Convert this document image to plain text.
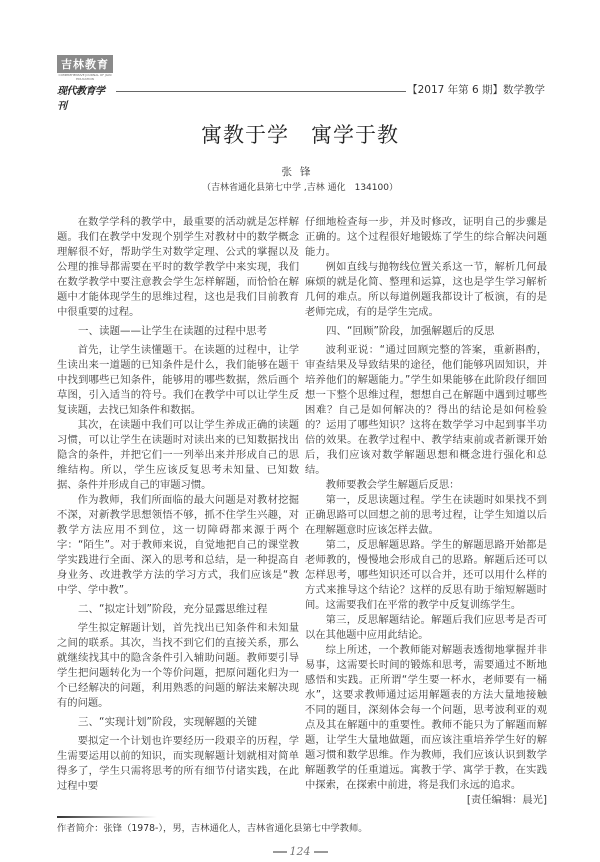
吉林教育
COMPREHENSIVE JOURNAL OF JILIN EDUCATION
现代教育学刊
【2017 年第 6 期】数学教学
寓教于学　寓学于教
张锋
（吉林省通化县第七中学 ,吉林 通化　134100）

在数学学科的教学中，最重要的活动就是怎样解题。我们在教学中发现个别学生对教材中的数学概念理解很不好，帮助学生对数学定理、公式的掌握以及公理的推导都需要在平时的数学教学中来实现，我们在数学教学中要注意教会学生怎样解题，而恰恰在解题中才能体现学生的思维过程，这也是我们目前教育中很重要的过程。

一、读题——让学生在读题的过程中思考

首先，让学生读懂题干。在读题的过程中，让学生读出来一道题的已知条件是什么，我们能够在题干中找到哪些已知条件，能够用的哪些数据，然后画个草图，引入适当的符号。我们在教学中可以让学生反复读题，去找已知条件和数据。

其次，在读题中我们可以让学生养成正确的读题习惯，可以让学生在读题时对读出来的已知数据找出隐含的条件，并把它们一一列举出来并形成自己的思维结构。所以，学生应该反复思考未知量、已知数据、条件并形成自己的审题习惯。

作为教师，我们所面临的最大问题是对教材挖掘不深，对新教学思想领悟不够，抓不住学生兴趣，对教学方法应用不到位，这一切障碍都来源于两个字：“陌生”。对于教师来说，自觉地把自己的课堂教学实践进行全面、深入的思考和总结，是一种提高自身业务、改进教学方法的学习方式，我们应该是“教中学、学中教”。

二、“拟定计划”阶段，充分显露思维过程

学生拟定解题计划，首先找出已知条件和未知量之间的联系。其次，当找不到它们的直接关系，那么就继续找其中的隐含条件引入辅助问题。教师要引导学生把问题转化为一个等价问题，把原问题化归为一个已经解决的问题，利用熟悉的问题的解法来解决现有的问题。

三、“实现计划”阶段，实现解题的关键

要拟定一个计划也许要经历一段艰辛的历程，学生需要运用以前的知识，而实现解题计划就相对简单得多了，学生只需将思考的所有细节付诸实践，在此过程中要

仔细地检查每一步，并及时修改，证明自己的步骤是正确的。这个过程很好地锻炼了学生的综合解决问题能力。

例如直线与抛物线位置关系这一节，解析几何最麻烦的就是化简、整理和运算，这也是学生学习解析几何的难点。所以每道例题我都设计了板演，有的是老师完成，有的是学生完成。

四、“回顾”阶段，加强解题后的反思

波利亚说：“通过回顾完整的答案，重新斟酌，审查结果及导致结果的途径，他们能够巩固知识，并培养他们的解题能力。”学生如果能够在此阶段仔细回想一下整个思维过程，想想自己在解题中遇到过哪些困难？自己是如何解决的？得出的结论是如何检验的？运用了哪些知识？这将在数学学习中起到事半功倍的效果。在教学过程中、教学结束前或者新课开始后，我们应该对数学解题思想和概念进行强化和总结。

教师要教会学生解题后反思：

第一，反思读题过程。学生在读题时如果找不到正确思路可以回想之前的思考过程，让学生知道以后在理解题意时应该怎样去做。

第二，反思解题思路。学生的解题思路开始都是老师教的，慢慢地会形成自己的思路。解题后还可以怎样思考，哪些知识还可以合并，还可以用什么样的方式来推导这个结论？这样的反思有助于缩短解题时间。这需要我们在平常的教学中反复训练学生。

第三，反思解题结论。解题后我们应思考是否可以在其他题中应用此结论。

综上所述，一个教师能对解题表透彻地掌握并非易事，这需要长时间的锻炼和思考，需要通过不断地感悟和实践。正所谓“学生要一杯水，老师要有一桶水”，这要求教师通过运用解题表的方法大量地接触不同的题目，深刻体会每一个问题，思考波利亚的观点及其在解题中的重要性。教师不能只为了解题而解题，让学生大量地做题，而应该注重培养学生好的解题习惯和数学思维。作为教师，我们应该认识到数学解题教学的任重道远。寓教于学、寓学于教，在实践中探索，在探索中前进，将是我们永远的追求。

[责任编辑：晨光]

作者简介：张锋（1978-），男，吉林通化人，吉林省通化县第七中学教师。
124
